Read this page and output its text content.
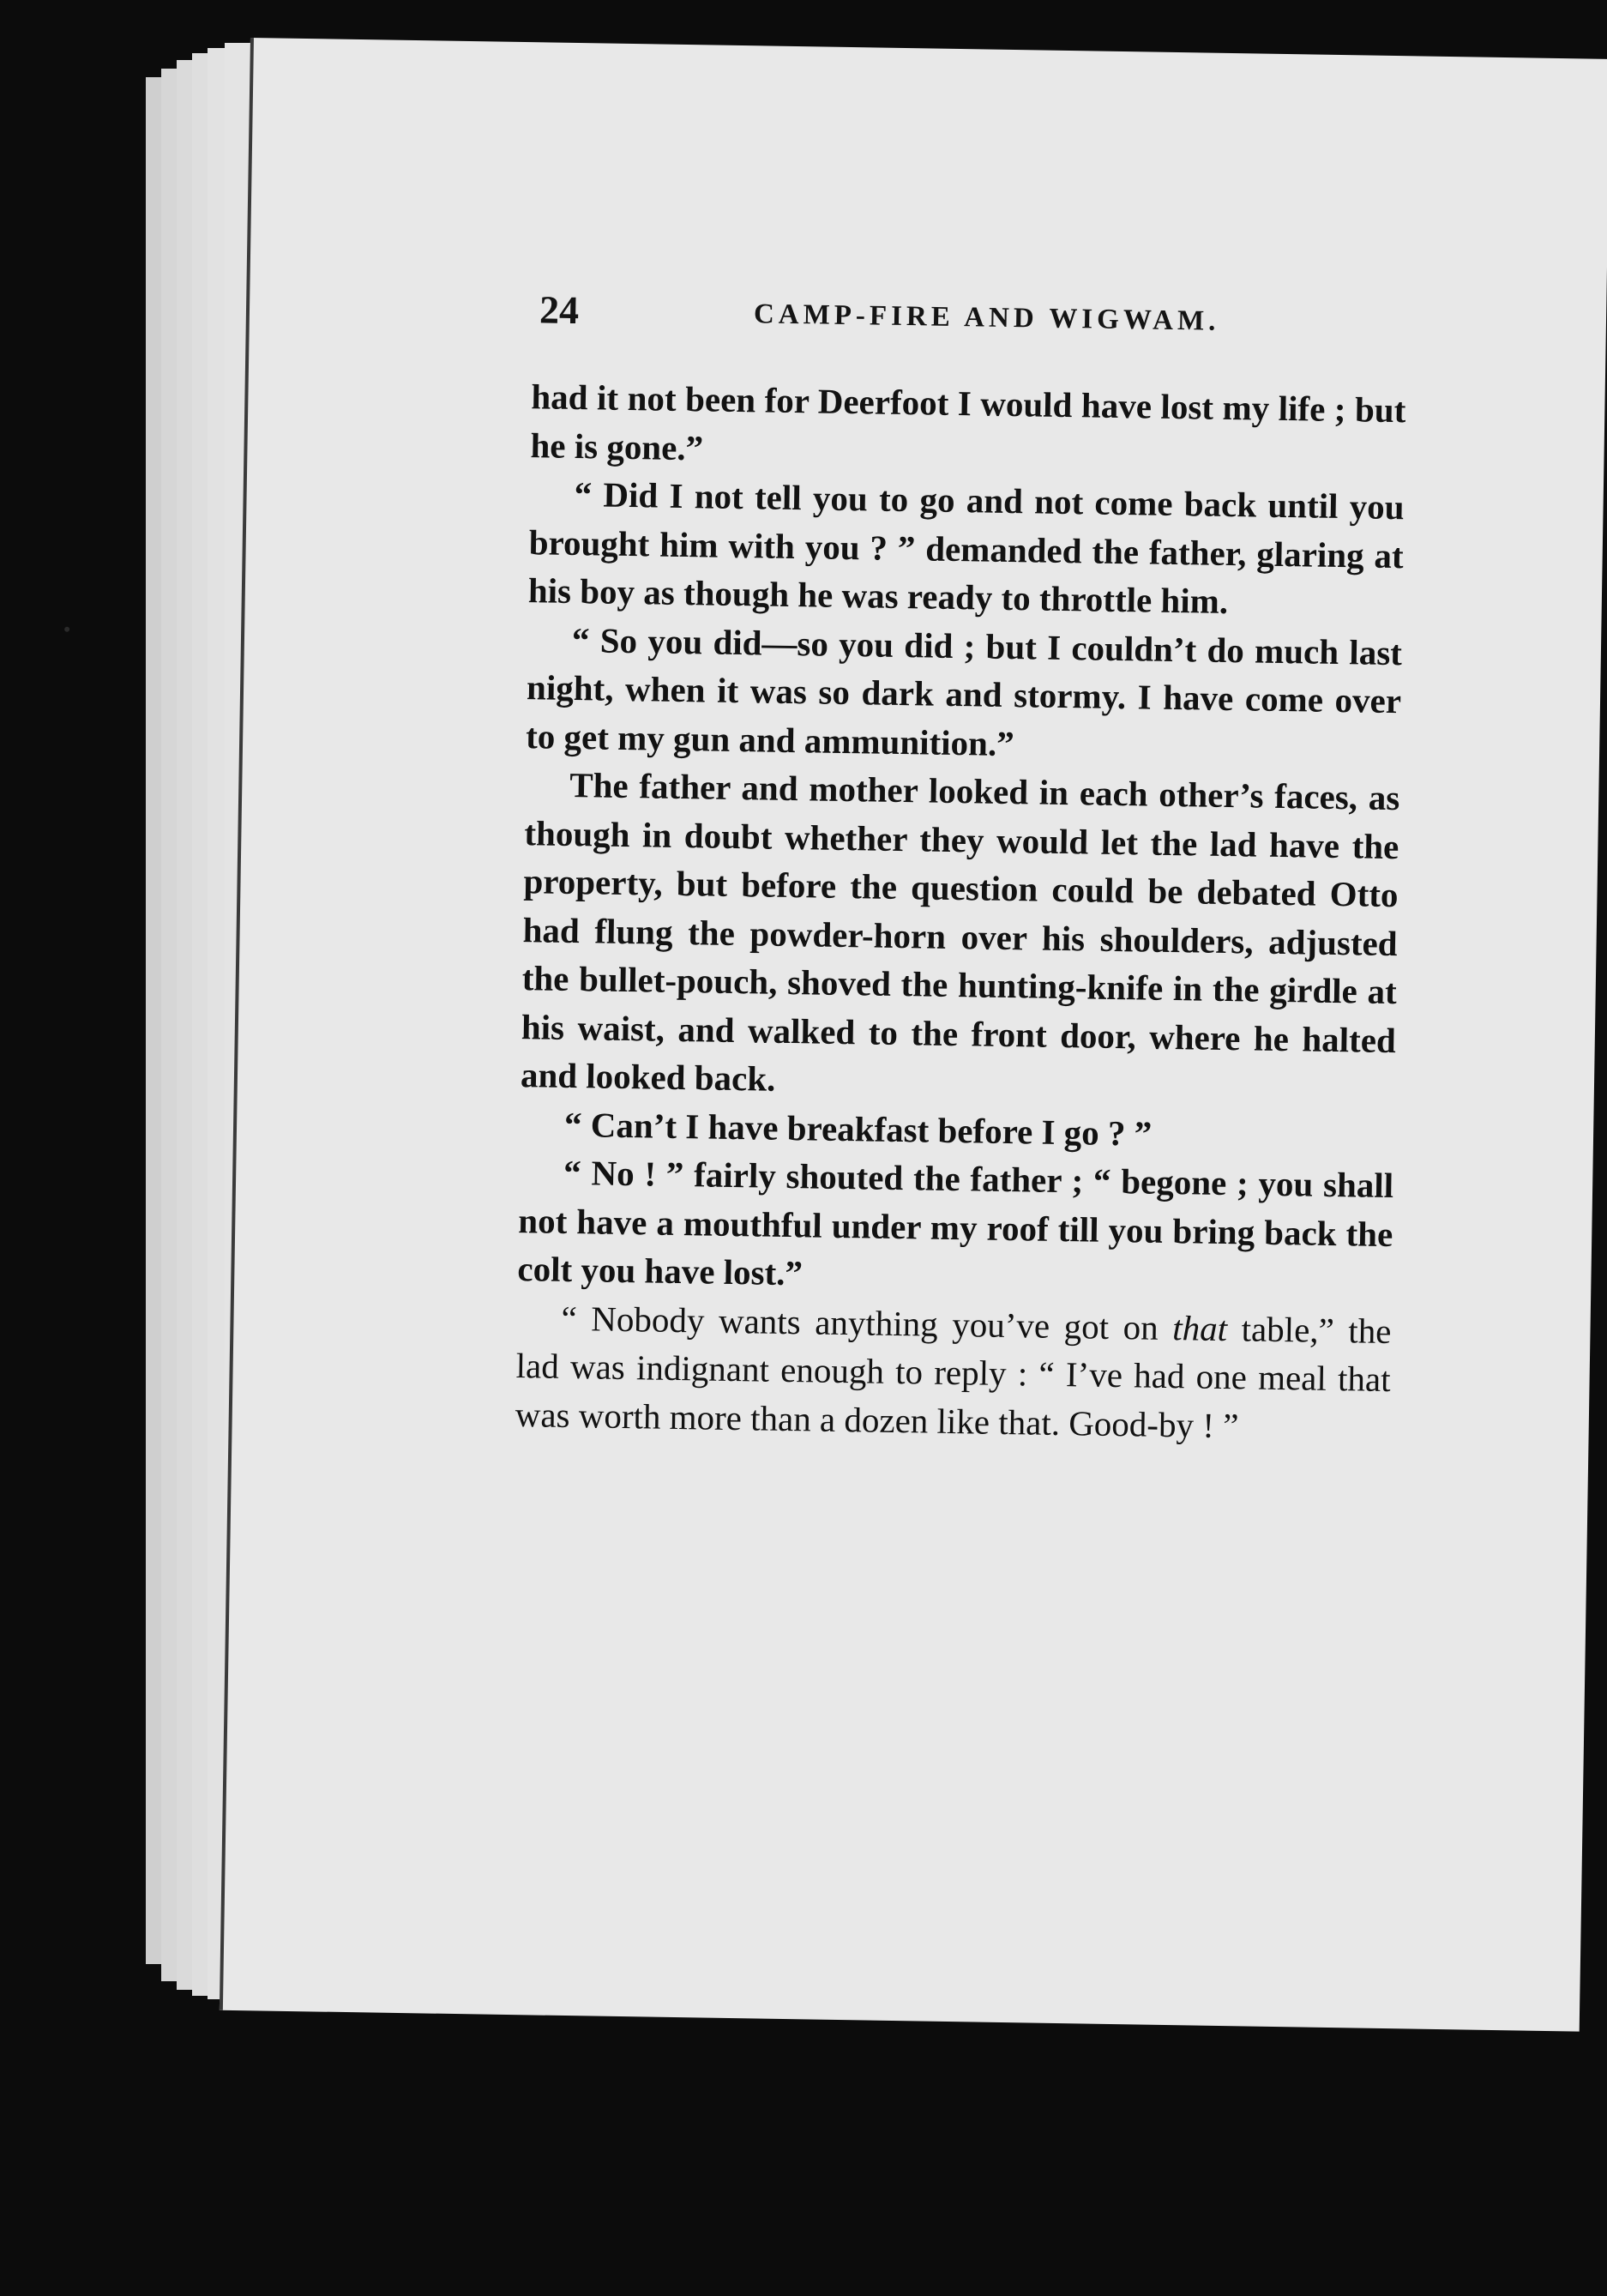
24	CAMP-FIRE AND WIGWAM.

had it not been for Deerfoot I would have lost my life ; but he is gone.”

“ Did I not tell you to go and not come back until you brought him with you ? ” demanded the father, glaring at his boy as though he was ready to throttle him.

“ So you did—so you did ; but I couldn’t do much last night, when it was so dark and stormy. I have come over to get my gun and ammunition.”

The father and mother looked in each other’s faces, as though in doubt whether they would let the lad have the property, but before the question could be debated Otto had flung the powder-horn over his shoulders, adjusted the bullet-pouch, shoved the hunting-knife in the girdle at his waist, and walked to the front door, where he halted and looked back.

“ Can’t I have breakfast before I go ? ”

“ No ! ” fairly shouted the father ; “ begone ; you shall not have a mouthful under my roof till you bring back the colt you have lost.”

“ Nobody wants anything you’ve got on that table,” the lad was indignant enough to reply : “ I’ve had one meal that was worth more than a dozen like that. Good-by ! ”
